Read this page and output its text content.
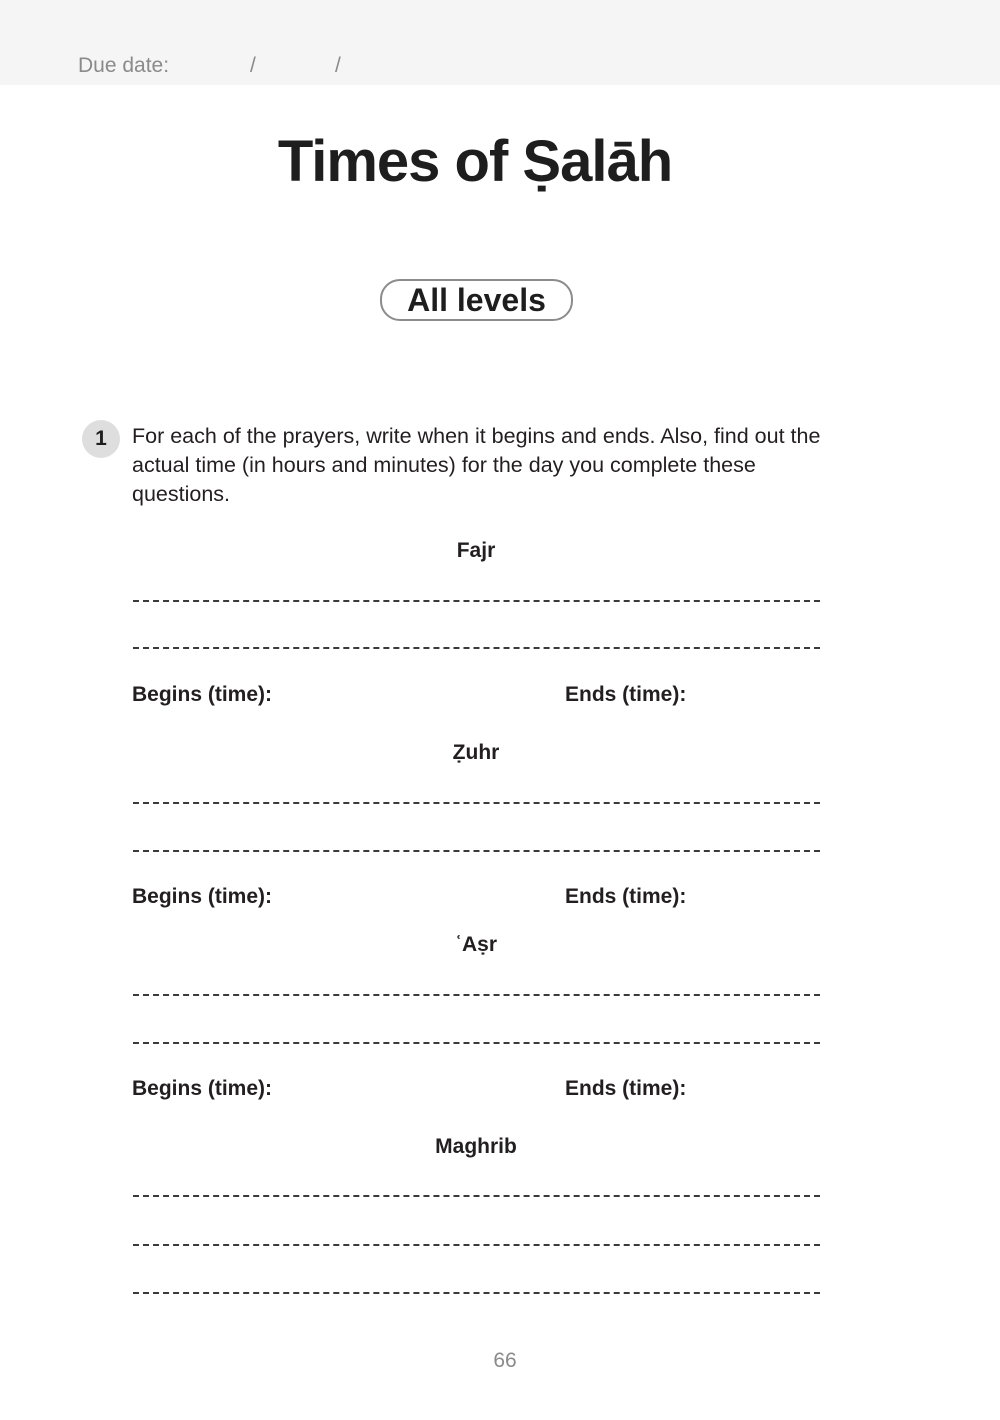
Due date:	/	/
Times of Ṣalāh
All levels
1	For each of the prayers, write when it begins and ends. Also, find out the actual time (in hours and minutes) for the day you complete these questions.
Fajr
Begins (time):	Ends (time):
Ẓuhr
Begins (time):	Ends (time):
ʿAṣr
Begins (time):	Ends (time):
Maghrib
66
